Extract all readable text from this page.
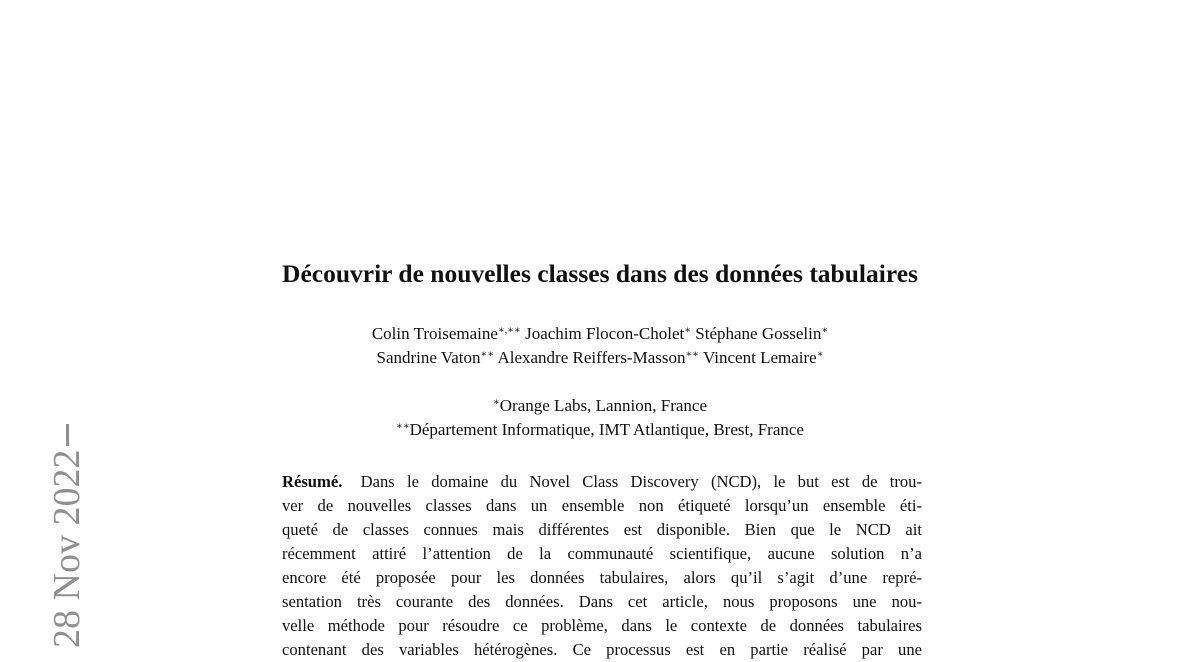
28 Nov 2022
Découvrir de nouvelles classes dans des données tabulaires
Colin Troisemaine∗,∗∗ Joachim Flocon-Cholet∗ Stéphane Gosselin∗
Sandrine Vaton∗∗ Alexandre Reiffers-Masson∗∗ Vincent Lemaire∗
∗Orange Labs, Lannion, France
∗∗Département Informatique, IMT Atlantique, Brest, France
Résumé. Dans le domaine du Novel Class Discovery (NCD), le but est de trou-
ver de nouvelles classes dans un ensemble non étiqueté lorsqu’un ensemble éti-
queté de classes connues mais différentes est disponible. Bien que le NCD ait
récemment attiré l’attention de la communauté scientifique, aucune solution n’a
encore été proposée pour les données tabulaires, alors qu’il s’agit d’une repré-
sentation très courante des données. Dans cet article, nous proposons une nou-
velle méthode pour résoudre ce problème, dans le contexte de données tabulaires
contenant des variables hétérogènes. Ce processus est en partie réalisé par une
